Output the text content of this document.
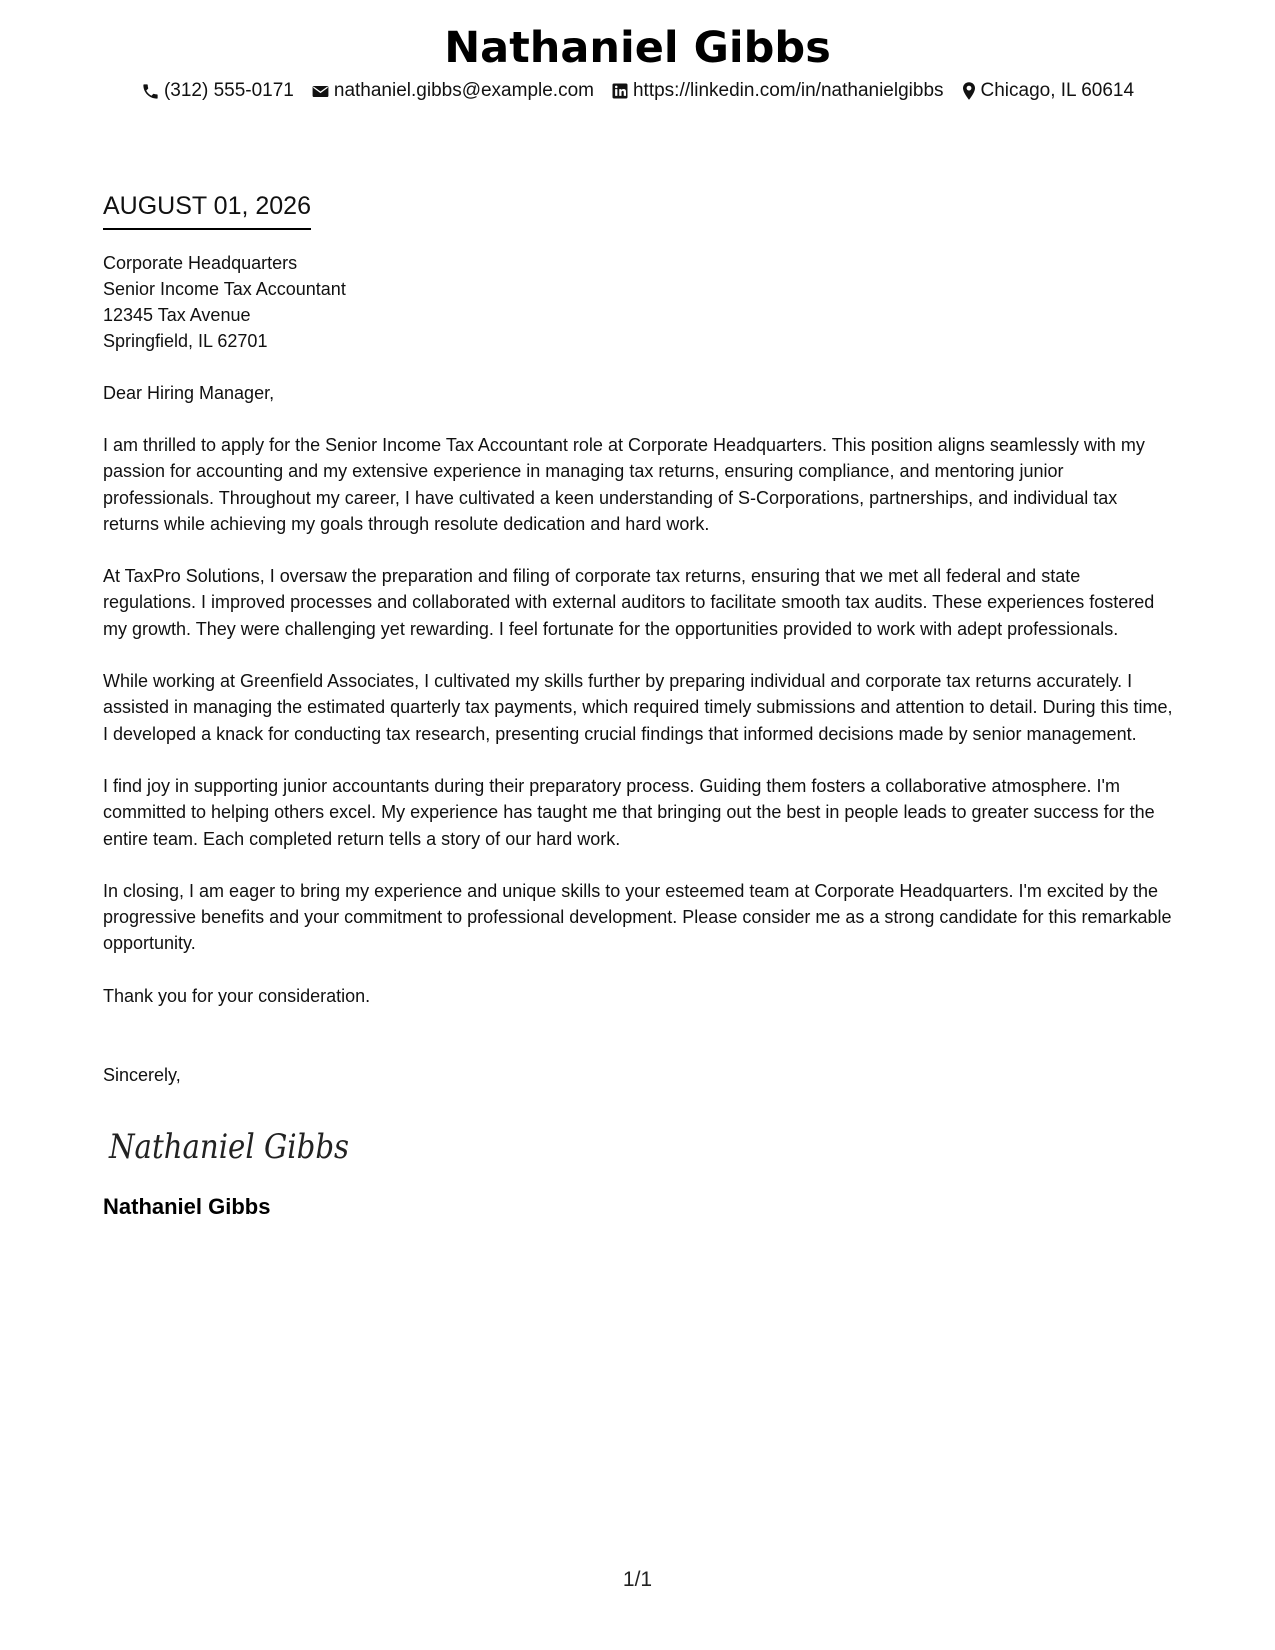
Nathaniel Gibbs
(312) 555-0171 nathaniel.gibbs@example.com https://linkedin.com/in/nathanielgibbs Chicago, IL 60614
AUGUST 01, 2026
Corporate Headquarters
Senior Income Tax Accountant
12345 Tax Avenue
Springfield, IL 62701
Dear Hiring Manager,

I am thrilled to apply for the Senior Income Tax Accountant role at Corporate Headquarters. This position aligns seamlessly with my passion for accounting and my extensive experience in managing tax returns, ensuring compliance, and mentoring junior professionals. Throughout my career, I have cultivated a keen understanding of S-Corporations, partnerships, and individual tax returns while achieving my goals through resolute dedication and hard work.

At TaxPro Solutions, I oversaw the preparation and filing of corporate tax returns, ensuring that we met all federal and state regulations. I improved processes and collaborated with external auditors to facilitate smooth tax audits. These experiences fostered my growth. They were challenging yet rewarding. I feel fortunate for the opportunities provided to work with adept professionals.

While working at Greenfield Associates, I cultivated my skills further by preparing individual and corporate tax returns accurately. I assisted in managing the estimated quarterly tax payments, which required timely submissions and attention to detail. During this time, I developed a knack for conducting tax research, presenting crucial findings that informed decisions made by senior management.

I find joy in supporting junior accountants during their preparatory process. Guiding them fosters a collaborative atmosphere. I'm committed to helping others excel. My experience has taught me that bringing out the best in people leads to greater success for the entire team. Each completed return tells a story of our hard work.

In closing, I am eager to bring my experience and unique skills to your esteemed team at Corporate Headquarters. I'm excited by the progressive benefits and your commitment to professional development. Please consider me as a strong candidate for this remarkable opportunity.

Thank you for your consideration.
Sincerely,
Nathaniel Gibbs
Nathaniel Gibbs
1/1
